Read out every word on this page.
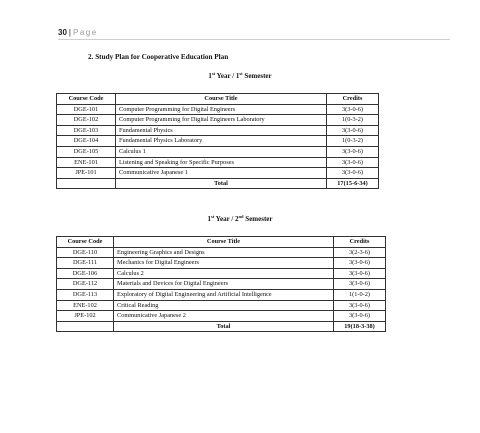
30 | Page
2. Study Plan for Cooperative Education Plan
1st Year / 1st Semester
Course Code	Course Title	Credits
DGE-101	Computer Programming for Digital Engineers	3(3-0-6)
DGE-102	Computer Programming for Digital Engineers Laboratory	1(0-3-2)
DGE-103	Fundamental Physics	3(3-0-6)
DGE-104	Fundamental Physics Laboratory	1(0-3-2)
DGE-105	Calculus 1	3(3-0-6)
ENE-101	Listening and Speaking for Specific Purposes	3(3-0-6)
JPE-101	Communicative Japanese 1	3(3-0-6)
	Total	17(15-6-34)
1st Year / 2nd Semester
Course Code	Course Title	Credits
DGE-110	Engineering Graphics and Designs	3(2-3-6)
DGE-111	Mechanics for Digital Engineers	3(3-0-6)
DGE-106	Calculus 2	3(3-0-6)
DGE-112	Materials and Devices for Digital Engineers	3(3-0-6)
DGE-113	Exploratory of Digital Engineering and Artificial Intelligence	1(1-0-2)
ENE-102	Critical Reading	3(3-0-6)
JPE-102	Communicative Japanese 2	3(3-0-6)
	Total	19(18-3-38)
